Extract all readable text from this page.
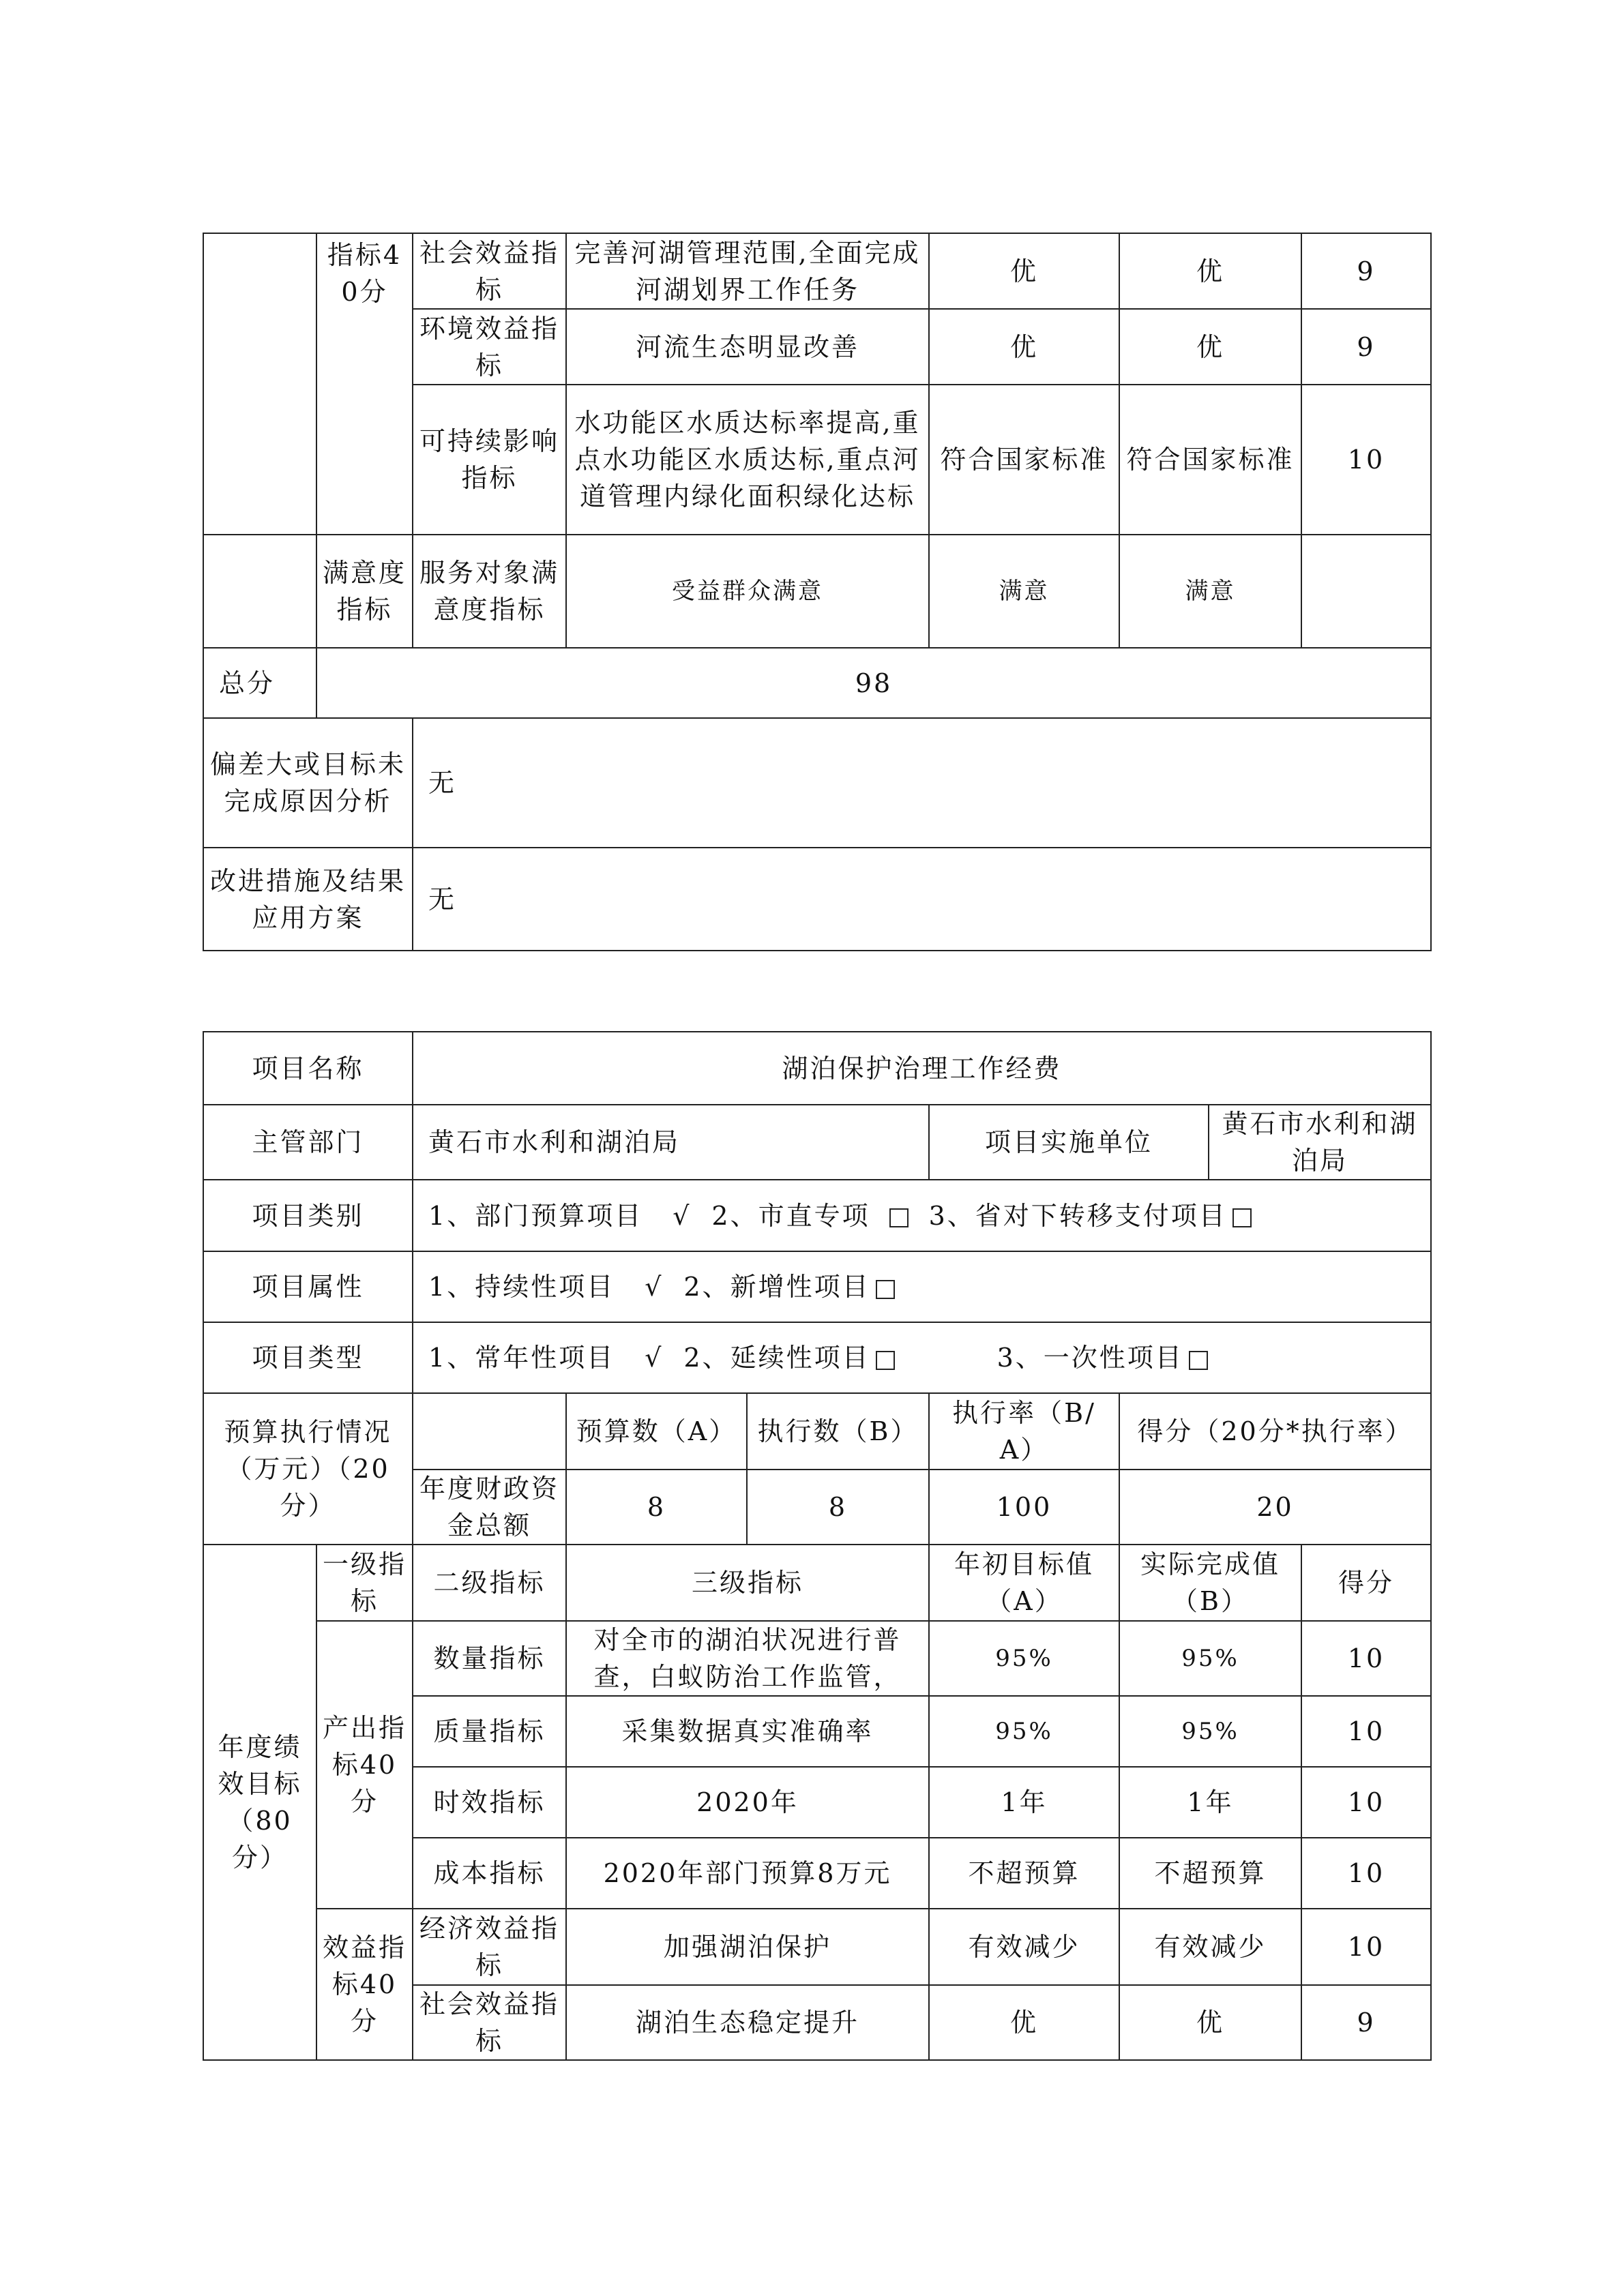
	指标40分	社会效益指标	完善河湖管理范围,全面完成河湖划界工作任务	优	优	9
		环境效益指标	河流生态明显改善	优	优	9
		可持续影响指标	水功能区水质达标率提高,重点水功能区水质达标,重点河道管理内绿化面积绿化达标	符合国家标准	符合国家标准	10
	满意度指标	服务对象满意度指标	受益群众满意	满意	满意	
总分	98					
偏差大或目标未完成原因分析		无				
改进措施及结果应用方案		无				
项目名称		湖泊保护治理工作经费						
主管部门		黄石市水利和湖泊局			项目实施单位		黄石市水利和湖泊局	
项目类别		1、部门预算项目 √ 2、市直专项 3、省对下转移支付项目						
项目属性		1、持续性项目 √ 2、新增性项目						
项目类型		1、常年性项目 √ 2、延续性项目 3、一次性项目						
预算执行情况（万元）（20分）			预算数（A）	执行数（B）	执行率（B/A）	得分（20分*执行率）		
		年度财政资金总额	8	8	100	20		
年度绩效目标（80分）	一级指标	二级指标	三级指标		年初目标值（A）	实际完成值（B）		得分
	产出指标40分	数量指标	对全市的湖泊状况进行普查，白蚁防治工作监管，		95%	95%		10
		质量指标	采集数据真实准确率		95%	95%		10
		时效指标	2020年		1年	1年		10
		成本指标	2020年部门预算8万元		不超预算	不超预算		10
	效益指标40分	经济效益指标	加强湖泊保护		有效减少	有效减少		10
		社会效益指标	湖泊生态稳定提升		优	优		9
